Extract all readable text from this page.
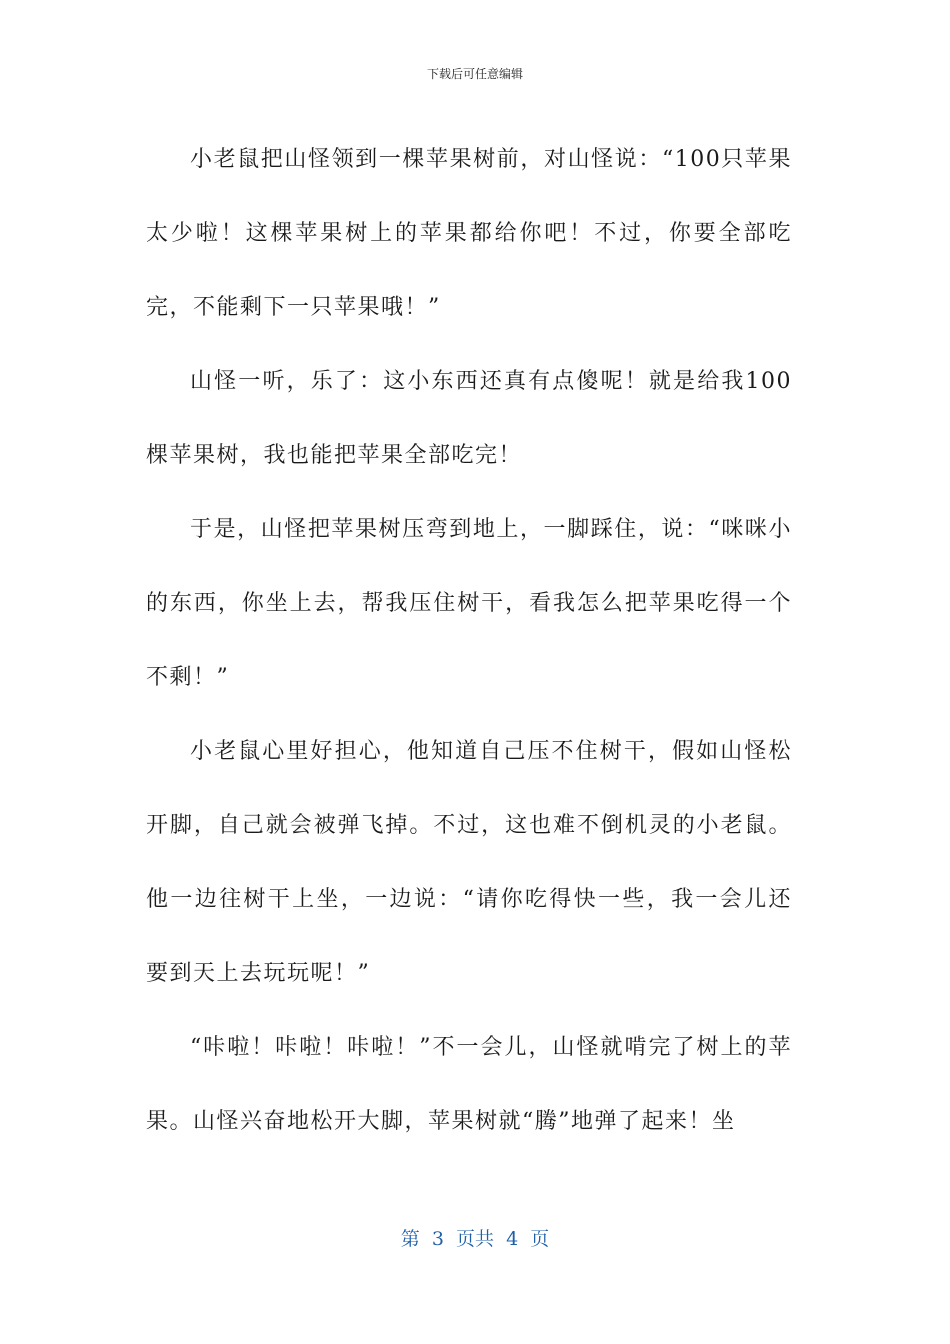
下载后可任意编辑

小老鼠把山怪领到一棵苹果树前，对山怪说：“100只苹果太少啦！这棵苹果树上的苹果都给你吧！不过，你要全部吃完，不能剩下一只苹果哦！”

山怪一听，乐了：这小东西还真有点傻呢！就是给我100棵苹果树，我也能把苹果全部吃完！

于是，山怪把苹果树压弯到地上，一脚踩住，说：“咪咪小的东西，你坐上去，帮我压住树干，看我怎么把苹果吃得一个不剩！”

小老鼠心里好担心，他知道自己压不住树干，假如山怪松开脚，自己就会被弹飞掉。不过，这也难不倒机灵的小老鼠。他一边往树干上坐，一边说：“请你吃得快一些，我一会儿还要到天上去玩玩呢！”

“咔啦！咔啦！咔啦！”不一会儿，山怪就啃完了树上的苹果。山怪兴奋地松开大脚，苹果树就“腾”地弹了起来！坐

第  3  页共  4  页
